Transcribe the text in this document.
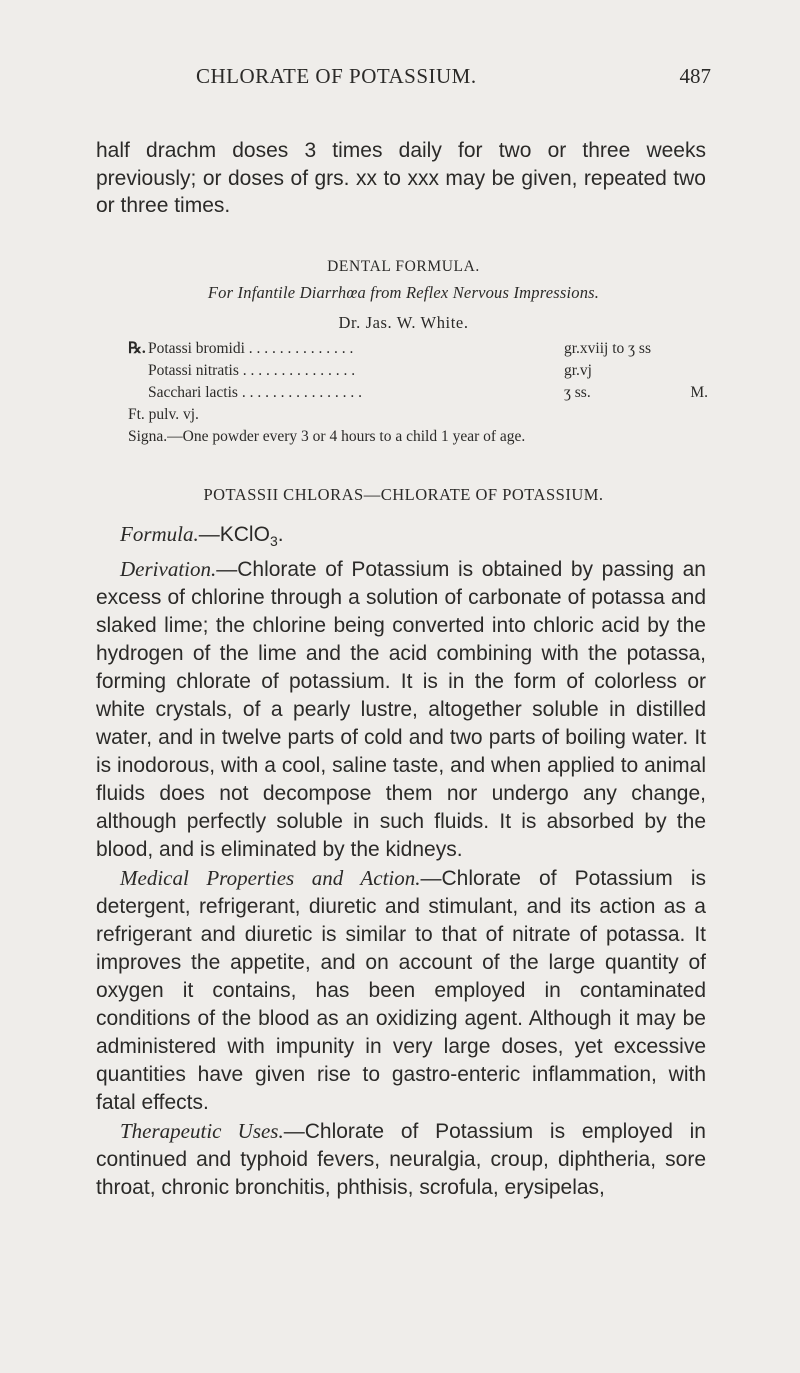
CHLORATE OF POTASSIUM.	487
half drachm doses 3 times daily for two or three weeks previously; or doses of grs. xx to xxx may be given, repeated two or three times.
DENTAL FORMULA.
For Infantile Diarrhœa from Reflex Nervous Impressions.
Dr. Jas. W. White.
℞. Potassi bromidi . . . . . . . . . . . . . .	gr.xviij to ʒ ss
Potassi nitratis . . . . . . . . . . . . . . .	gr.vj
Sacchari lactis . . . . . . . . . . . . . . . .	ʒ ss.	M.
Ft. pulv. vj.
Signa.—One powder every 3 or 4 hours to a child 1 year of age.
POTASSII CHLORAS—CHLORATE OF POTASSIUM.

Formula.—KClO$_3$.

Derivation.—Chlorate of Potassium is obtained by passing an excess of chlorine through a solution of carbonate of potassa and slaked lime; the chlorine being converted into chloric acid by the hydrogen of the lime and the acid combining with the potassa, forming chlorate of potassium. It is in the form of colorless or white crystals, of a pearly lustre, altogether soluble in distilled water, and in twelve parts of cold and two parts of boiling water. It is inodorous, with a cool, saline taste, and when applied to animal fluids does not decompose them nor undergo any change, although perfectly soluble in such fluids. It is absorbed by the blood, and is eliminated by the kidneys.

Medical Properties and Action.—Chlorate of Potassium is detergent, refrigerant, diuretic and stimulant, and its action as a refrigerant and diuretic is similar to that of nitrate of potassa. It improves the appetite, and on account of the large quantity of oxygen it contains, has been employed in contaminated conditions of the blood as an oxidizing agent. Although it may be administered with impunity in very large doses, yet excessive quantities have given rise to gastro-enteric inflammation, with fatal effects.

Therapeutic Uses.—Chlorate of Potassium is employed in continued and typhoid fevers, neuralgia, croup, diphtheria, sore throat, chronic bronchitis, phthisis, scrofula, erysipelas,
